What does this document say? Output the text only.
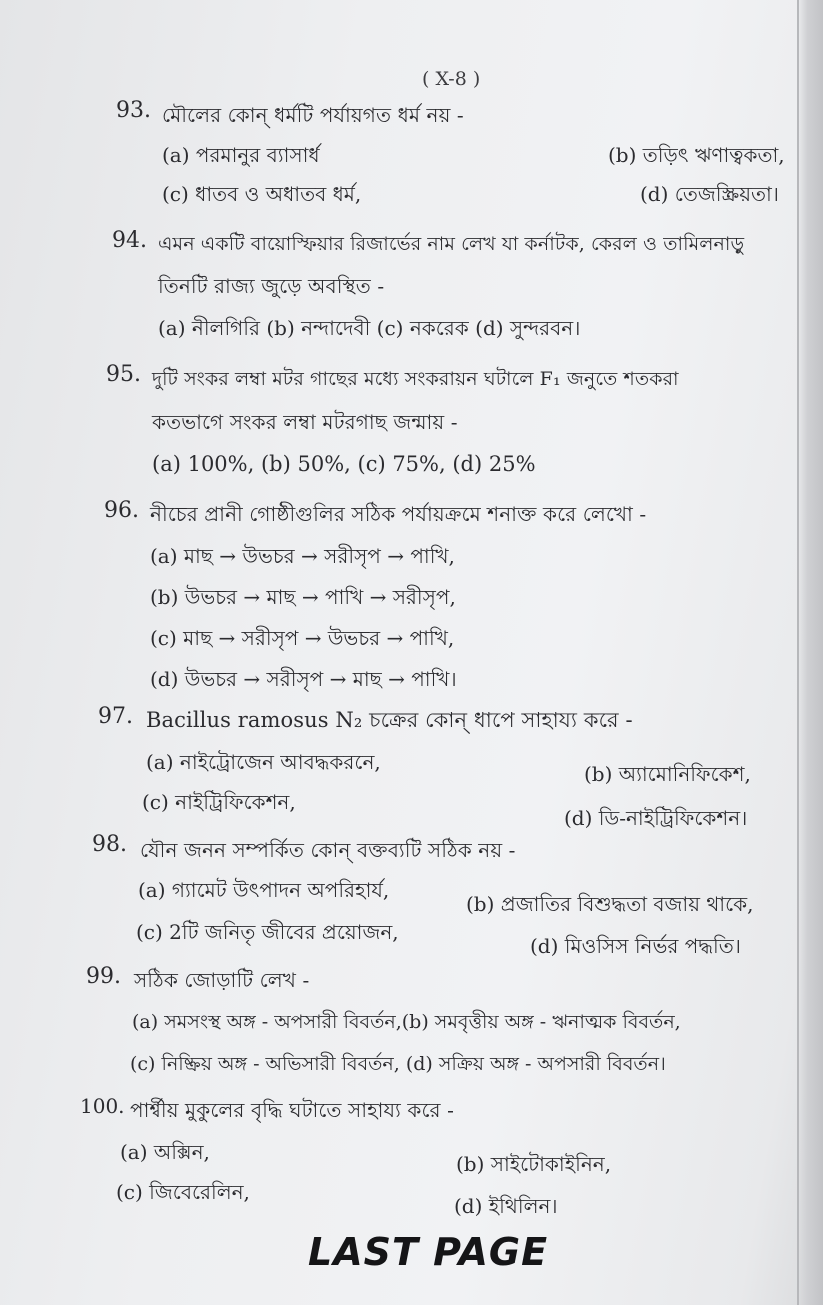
( X-8 )
93. মৌলের কোন্ ধর্মটি পর্যায়গত ধর্ম নয় -
(a) পরমানুর ব্যাসার্ধ	(b) তড়িৎ ঋণাত্বকতা,
(c) ধাতব ও অধাতব ধর্ম,	(d) তেজস্ক্রিয়তা।
94. এমন একটি বায়োস্ফিয়ার রিজার্ভের নাম লেখ যা কর্নাটক, কেরল ও তামিলনাড়ু
তিনটি রাজ্য জুড়ে অবস্থিত -
(a) নীলগিরি (b) নন্দাদেবী (c) নকরেক (d) সুন্দরবন।
95. দুটি সংকর লম্বা মটর গাছের মধ্যে সংকরায়ন ঘটালে F₁ জনুতে শতকরা
কতভাগে সংকর লম্বা মটরগাছ জন্মায় -
(a) 100%, (b) 50%, (c) 75%, (d) 25%
96. নীচের প্রানী গোষ্ঠীগুলির সঠিক পর্যায়ক্রমে শনাক্ত করে লেখো -
(a) মাছ → উভচর → সরীসৃপ → পাখি,
(b) উভচর → মাছ → পাখি → সরীসৃপ,
(c) মাছ → সরীসৃপ → উভচর → পাখি,
(d) উভচর → সরীসৃপ → মাছ → পাখি।
97. Bacillus ramosus N₂ চক্রের কোন্ ধাপে সাহায্য করে -
(a) নাইট্রোজেন আবদ্ধকরনে,	(b) অ্যামোনিফিকেশ,
(c) নাইট্রিফিকেশন,
(d) ডি-নাইট্রিফিকেশন।
98. যৌন জনন সম্পর্কিত কোন্ বক্তব্যটি সঠিক নয় -
(a) গ্যামেট উৎপাদন অপরিহার্য,
(b) প্রজাতির বিশুদ্ধতা বজায় থাকে,
(c) 2টি জনিতৃ জীবের প্রয়োজন,
(d) মিওসিস নির্ভর পদ্ধতি।
99. সঠিক জোড়াটি লেখ -
(a) সমসংস্থ অঙ্গ - অপসারী বিবর্তন,(b) সমবৃত্তীয় অঙ্গ - ঋনাত্মক বিবর্তন,
(c) নিষ্ক্রিয় অঙ্গ - অভিসারী বিবর্তন, (d) সক্রিয় অঙ্গ - অপসারী বিবর্তন।
100. পার্শ্বীয় মুকুলের বৃদ্ধি ঘটাতে সাহায্য করে -
(a) অক্সিন,	(b) সাইটোকাইনিন,
(c) জিবেরেলিন,
(d) ইথিলিন।
LAST PAGE
